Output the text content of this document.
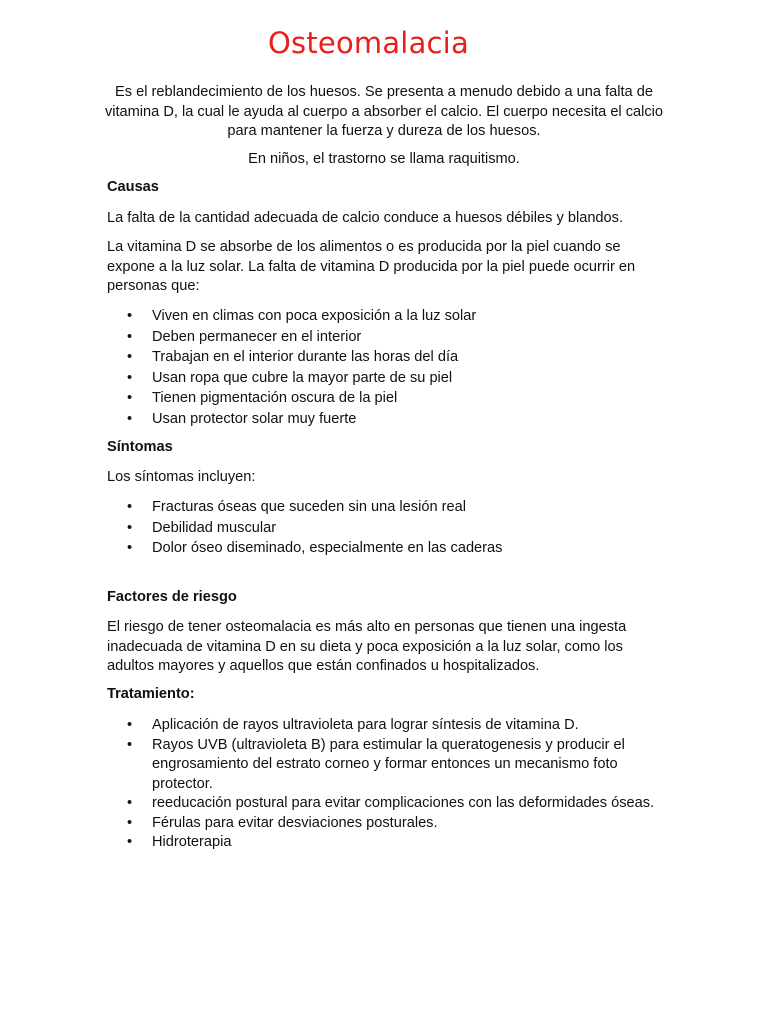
Osteomalacia

Es el reblandecimiento de los huesos. Se presenta a menudo debido a una falta de vitamina D, la cual le ayuda al cuerpo a absorber el calcio. El cuerpo necesita el calcio para mantener la fuerza y dureza de los huesos.

En niños, el trastorno se llama raquitismo.

Causas

La falta de la cantidad adecuada de calcio conduce a huesos débiles y blandos.

La vitamina D se absorbe de los alimentos o es producida por la piel cuando se expone a la luz solar. La falta de vitamina D producida por la piel puede ocurrir en personas que:

• Viven en climas con poca exposición a la luz solar
• Deben permanecer en el interior
• Trabajan en el interior durante las horas del día
• Usan ropa que cubre la mayor parte de su piel
• Tienen pigmentación oscura de la piel
• Usan protector solar muy fuerte
Síntomas

Los síntomas incluyen:

• Fracturas óseas que suceden sin una lesión real
• Debilidad muscular
• Dolor óseo diseminado, especialmente en las caderas
Factores de riesgo

El riesgo de tener osteomalacia es más alto en personas que tienen una ingesta inadecuada de vitamina D en su dieta y poca exposición a la luz solar, como los adultos mayores y aquellos que están confinados u hospitalizados.

Tratamiento:
• Aplicación de rayos ultravioleta para lograr síntesis de vitamina D.
• Rayos UVB (ultravioleta B) para estimular la queratogenesis y producir el engrosamiento del estrato corneo y formar entonces un mecanismo foto protector.
• reeducación postural para evitar complicaciones con las deformidades óseas.
• Férulas para evitar desviaciones posturales.
• Hidroterapia
